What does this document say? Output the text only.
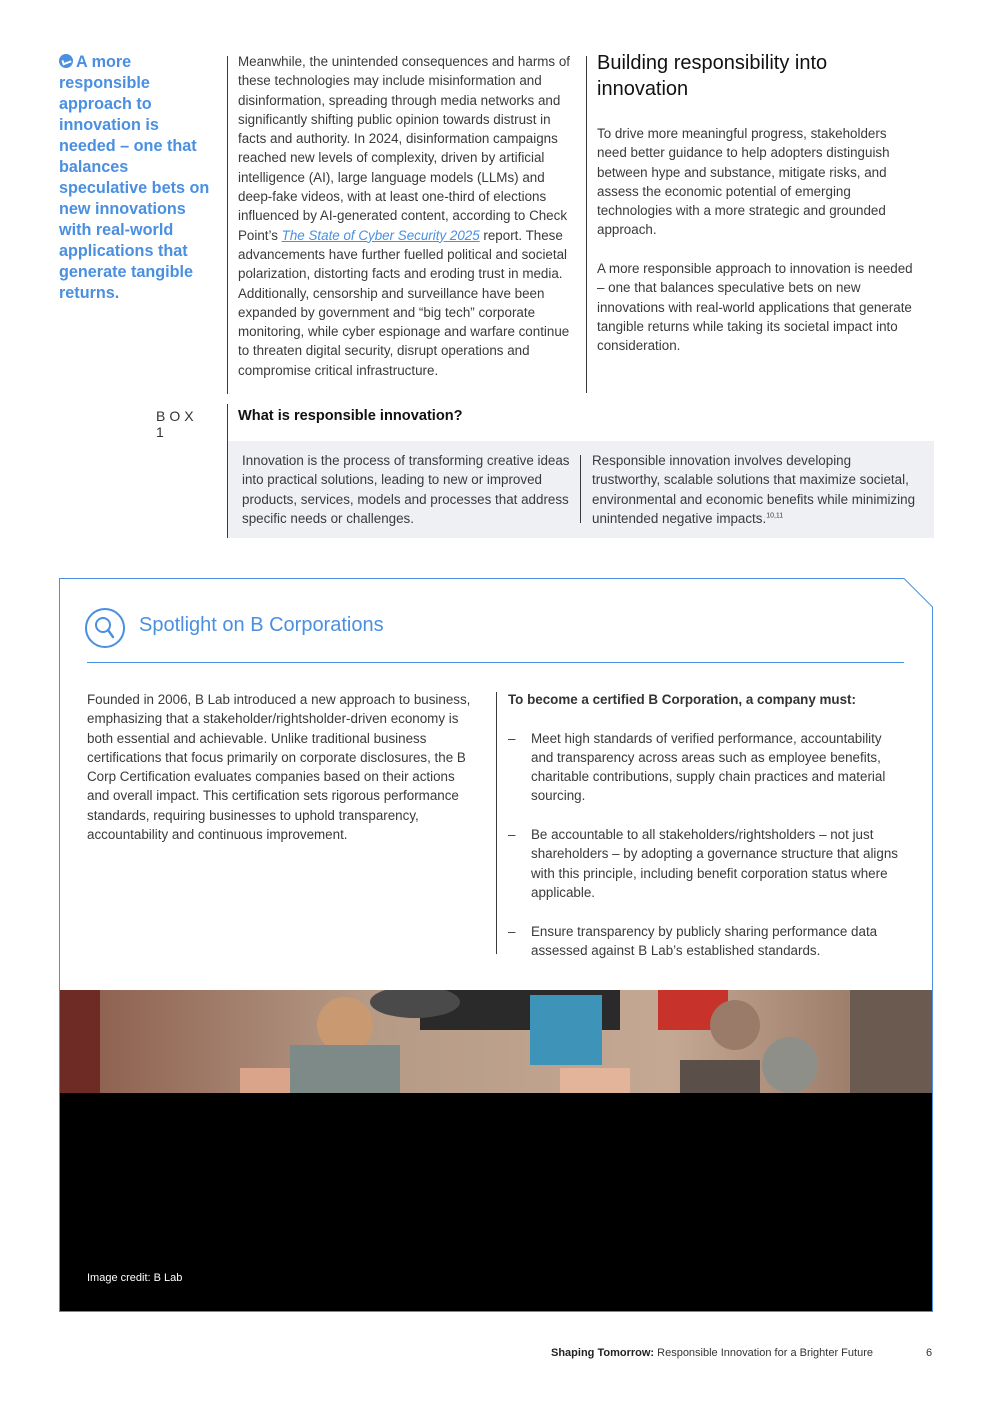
A more responsible approach to innovation is needed – one that balances speculative bets on new innovations with real-world applications that generate tangible returns.
Meanwhile, the unintended consequences and harms of these technologies may include misinformation and disinformation, spreading through media networks and significantly shifting public opinion towards distrust in facts and authority. In 2024, disinformation campaigns reached new levels of complexity, driven by artificial intelligence (AI), large language models (LLMs) and deep-fake videos, with at least one-third of elections influenced by AI-generated content, according to Check Point’s The State of Cyber Security 2025 report. These advancements have further fuelled political and societal polarization, distorting facts and eroding trust in media. Additionally, censorship and surveillance have been expanded by government and “big tech” corporate monitoring, while cyber espionage and warfare continue to threaten digital security, disrupt operations and compromise critical infrastructure.
Building responsibility into innovation

To drive more meaningful progress, stakeholders need better guidance to help adopters distinguish between hype and substance, mitigate risks, and assess the economic potential of emerging technologies with a more strategic and grounded approach.

A more responsible approach to innovation is needed – one that balances speculative bets on new innovations with real-world applications that generate tangible returns while taking its societal impact into consideration.

BOX 1
What is responsible innovation?
Innovation is the process of transforming creative ideas into practical solutions, leading to new or improved products, services, models and processes that address specific needs or challenges.
Responsible innovation involves developing trustworthy, scalable solutions that maximize societal, environmental and economic benefits while minimizing unintended negative impacts.$^{10,11}$
Spotlight on B Corporations
Founded in 2006, B Lab introduced a new approach to business, emphasizing that a stakeholder/rightsholder-driven economy is both essential and achievable. Unlike traditional business certifications that focus primarily on corporate disclosures, the B Corp Certification evaluates companies based on their actions and overall impact. This certification sets rigorous performance standards, requiring businesses to uphold transparency, accountability and continuous improvement.

To become a certified B Corporation, a company must:

– Meet high standards of verified performance, accountability and transparency across areas such as employee benefits, charitable contributions, supply chain practices and material sourcing.
– Be accountable to all stakeholders/rightsholders – not just shareholders – by adopting a governance structure that aligns with this principle, including benefit corporation status where applicable.
– Ensure transparency by publicly sharing performance data assessed against B Lab’s established standards.
Image credit: B Lab
Shaping Tomorrow: Responsible Innovation for a Brighter Future	6
